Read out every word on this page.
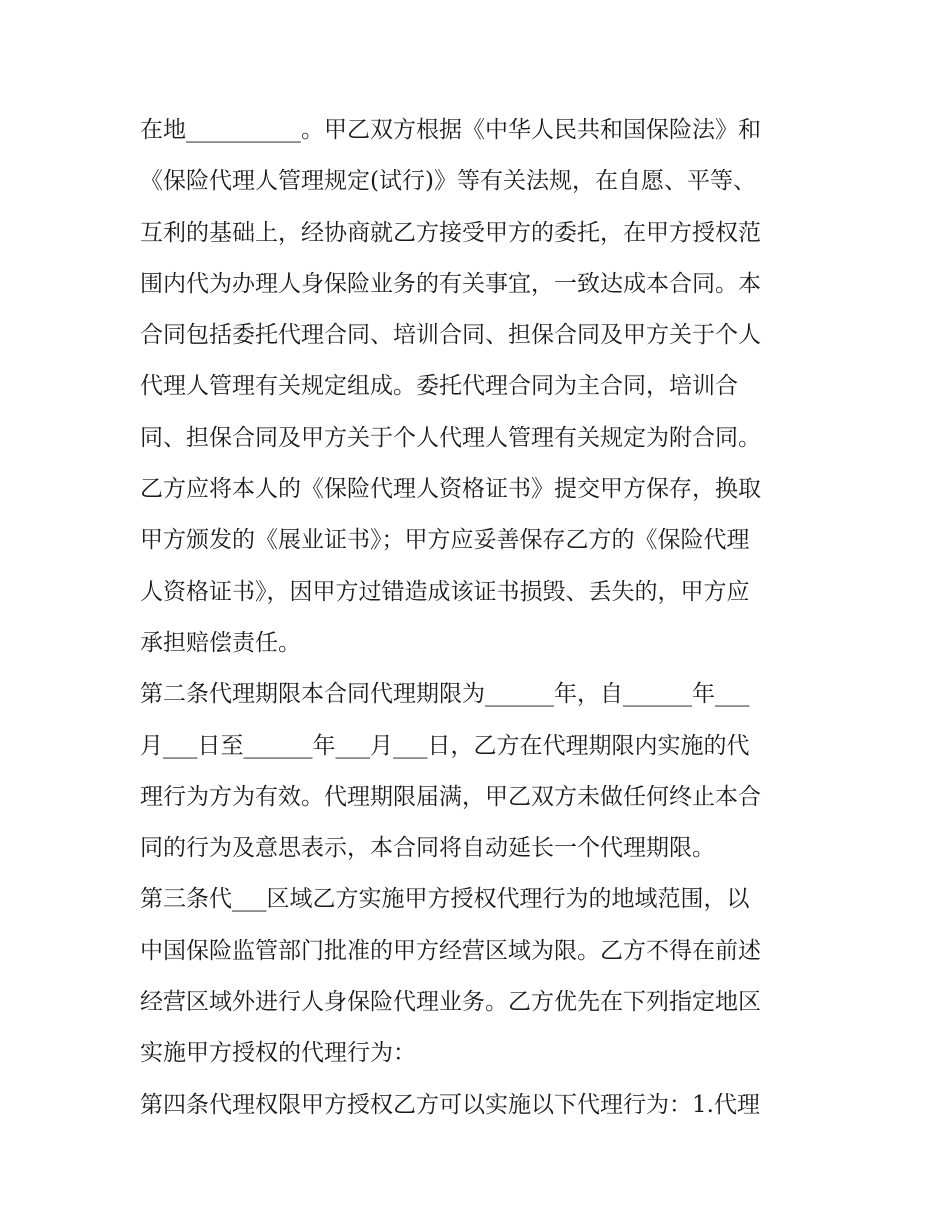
在地__________。甲乙双方根据《中华人民共和国保险法》和
《保险代理人管理规定(试行)》等有关法规，在自愿、平等、
互利的基础上，经协商就乙方接受甲方的委托，在甲方授权范
围内代为办理人身保险业务的有关事宜，一致达成本合同。本
合同包括委托代理合同、培训合同、担保合同及甲方关于个人
代理人管理有关规定组成。委托代理合同为主合同，培训合
同、担保合同及甲方关于个人代理人管理有关规定为附合同。
乙方应将本人的《保险代理人资格证书》提交甲方保存，换取
甲方颁发的《展业证书》；甲方应妥善保存乙方的《保险代理
人资格证书》，因甲方过错造成该证书损毁、丢失的，甲方应
承担赔偿责任。
第二条代理期限本合同代理期限为______年，自______年___
月___日至______年___月___日，乙方在代理期限内实施的代
理行为方为有效。代理期限届满，甲乙双方未做任何终止本合
同的行为及意思表示，本合同将自动延长一个代理期限。
第三条代___区域乙方实施甲方授权代理行为的地域范围，以
中国保险监管部门批准的甲方经营区域为限。乙方不得在前述
经营区域外进行人身保险代理业务。乙方优先在下列指定地区
实施甲方授权的代理行为：
第四条代理权限甲方授权乙方可以实施以下代理行为：1.代理
